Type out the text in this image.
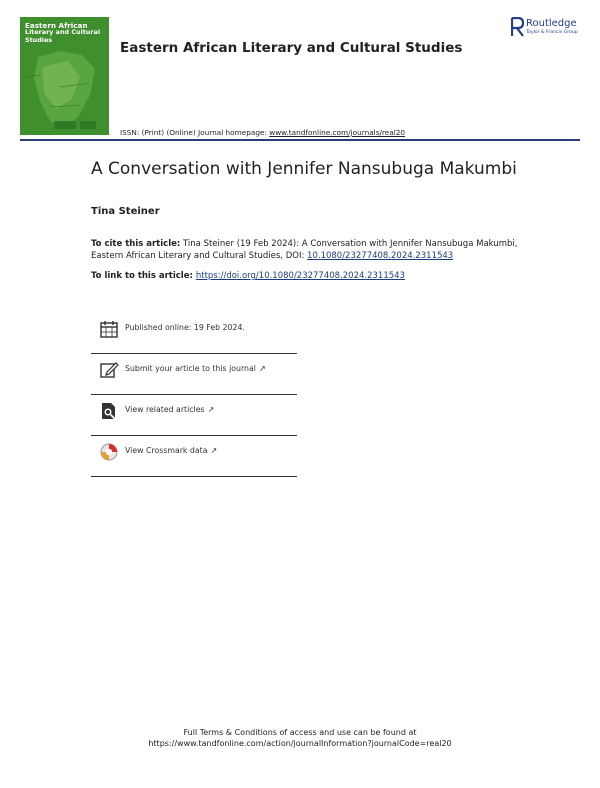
Eastern African
Literary and Cultural Studies
Eastern African Literary and Cultural Studies
Routledge
Taylor & Francis Group
ISSN: (Print) (Online) Journal homepage: www.tandfonline.com/journals/real20
A Conversation with Jennifer Nansubuga Makumbi
Tina Steiner
To cite this article: Tina Steiner (19 Feb 2024): A Conversation with Jennifer Nansubuga Makumbi, Eastern African Literary and Cultural Studies, DOI: 10.1080/23277408.2024.2311543
To link to this article: https://doi.org/10.1080/23277408.2024.2311543
Published online: 19 Feb 2024.
Submit your article to this journal ↗
View related articles ↗
View Crossmark data ↗
Full Terms & Conditions of access and use can be found at
https://www.tandfonline.com/action/journalInformation?journalCode=real20
